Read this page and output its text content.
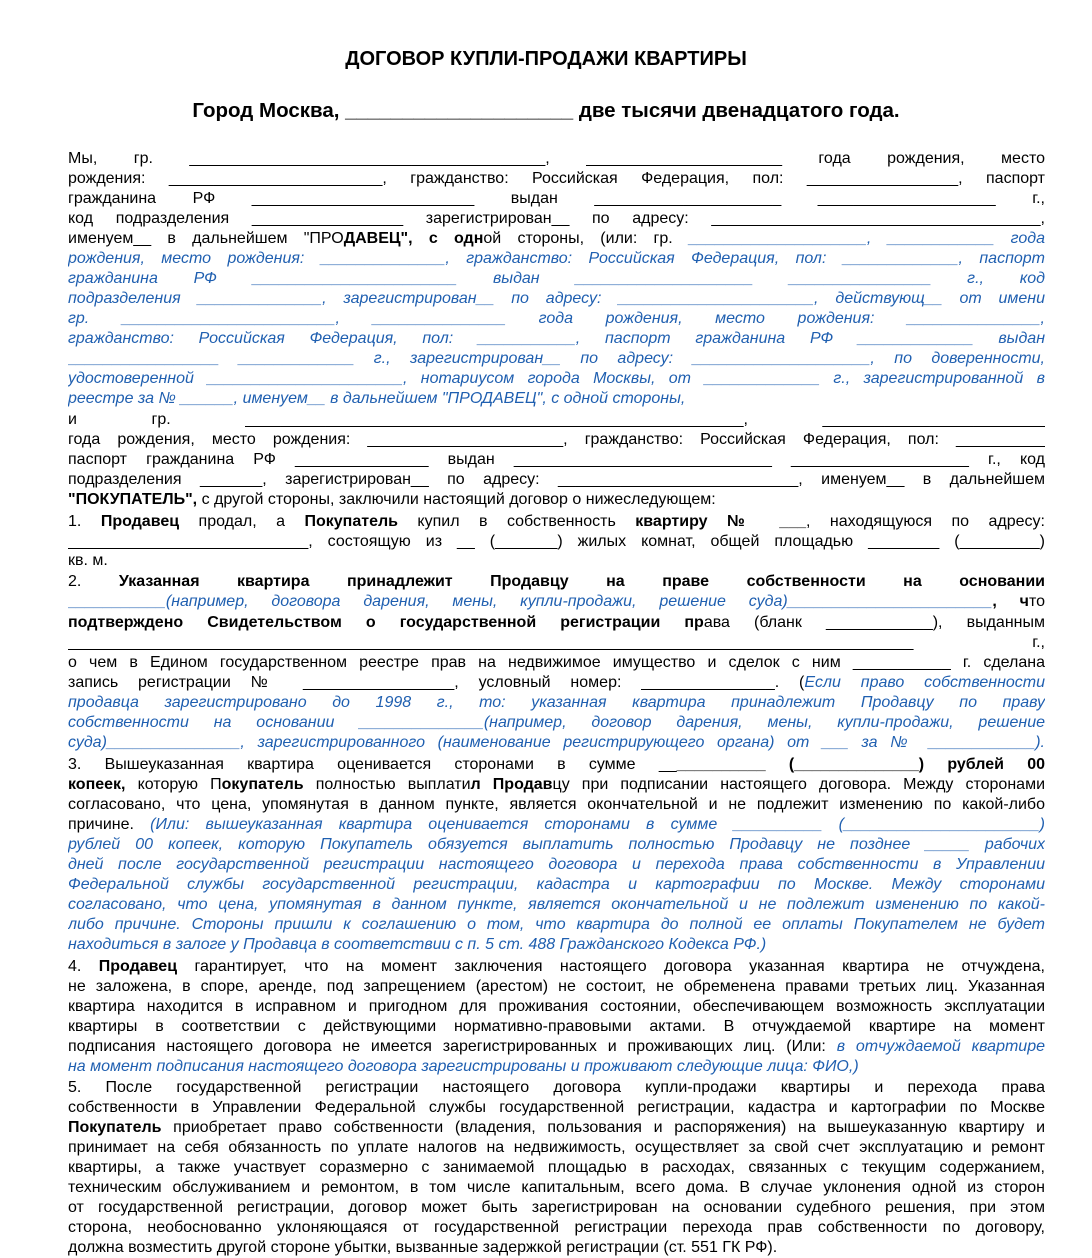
ДОГОВОР КУПЛИ-ПРОДАЖИ КВАРТИРЫ
Город Москва, ____________________ две тысячи двенадцатого года.
Мы, гр. ________________________________________, ______________________ года рождения, место
рождения: ________________________, гражданство: Российская Федерация, пол: _________________, паспорт
гражданина РФ _________________________ выдан _____________________ ____________________ г.,
код подразделения _________________ зарегистрирован__ по адресу: _____________________________________,
именуем__ в дальнейшем "ПРОДАВЕЦ", с одной стороны, (или: гр. ____________________, ____________ года
рождения, место рождения: ______________, гражданство: Российская Федерация, пол: _____________, паспорт
гражданина РФ _______________________ выдан ____________________ ________________ г., код
подразделения ______________, зарегистрирован__ по адресу: ______________________, действующ__ от имени
гр. ________________________, _______________ года рождения, место рождения: _______________,
гражданство: Российская Федерация, пол: ___________, паспорт гражданина РФ _____________ выдан
_________________ _____________ г., зарегистрирован__ по адресу: ____________________, по доверенности,
удостоверенной ______________________, нотариусом города Москвы, от _____________ г., зарегистрированной в
реестре за № ______, именуем__ в дальнейшем "ПРОДАВЕЦ", с одной стороны,
и гр. ________________________________________________________, _________________________
года рождения, место рождения: ______________________, гражданство: Российская Федерация, пол: __________
паспорт гражданина РФ _______________ выдан _____________________________ ____________________ г., код
подразделения _______, зарегистрирован__ по адресу: ___________________________, именуем__ в дальнейшем
"ПОКУПАТЕЛЬ", с другой стороны, заключили настоящий договор о нижеследующем:
1. Продавец продал, а Покупатель купил в собственность квартиру № ___, находящуюся по адресу:
___________________________, состоящую из __ (_______) жилых комнат, общей площадью ________ (_________)
кв. м.
2. Указанная квартира принадлежит Продавцу на праве собственности на основании
___________(например, договора дарения, мены, купли-продажи, решение суда)_______________________, что
подтверждено Свидетельством о государственной регистрации права (бланк ____________), выданным
_______________________________________________________________________________________________ г.,
о чем в Едином государственном реестре прав на недвижимое имущество и сделок с ним ___________ г. сделана
запись регистрации № _________________, условный номер: _______________. (Если право собственности
продавца зарегистрировано до 1998 г., то: указанная квартира принадлежит Продавцу по праву
собственности на основании ______________(например, договор дарения, мены, купли-продажи, решение
суда)_______________, зарегистрированного (наименование регистрирующего органа) от ___ за № ____________).
3. Вышеуказанная квартира оценивается сторонами в сумме ____________ (______________) рублей 00
копеек, которую Покупатель полностью выплатил Продавцу при подписании настоящего договора. Между сторонами
согласовано, что цена, упомянутая в данном пункте, является окончательной и не подлежит изменению по какой-либо
причине. (Или: вышеуказанная квартира оценивается сторонами в сумме __________ (______________________)
рублей 00 копеек, которую Покупатель обязуется выплатить полностью Продавцу не позднее _____ рабочих
дней после государственной регистрации настоящего договора и перехода права собственности в Управлении
Федеральной службы государственной регистрации, кадастра и картографии по Москве. Между сторонами
согласовано, что цена, упомянутая в данном пункте, является окончательной и не подлежит изменению по какой-
либо причине. Стороны пришли к соглашению о том, что квартира до полной ее оплаты Покупателем не будет
находиться в залоге у Продавца в соответствии с п. 5 ст. 488 Гражданского Кодекса РФ.)
4. Продавец гарантирует, что на момент заключения настоящего договора указанная квартира не отчуждена,
не заложена, в споре, аренде, под запрещением (арестом) не состоит, не обременена правами третьих лиц. Указанная
квартира находится в исправном и пригодном для проживания состоянии, обеспечивающем возможность эксплуатации
квартиры в соответствии с действующими нормативно-правовыми актами. В отчуждаемой квартире на момент
подписания настоящего договора не имеется зарегистрированных и проживающих лиц. (Или: в отчуждаемой квартире
на момент подписания настоящего договора зарегистрированы и проживают следующие лица: ФИО,)
5. После государственной регистрации настоящего договора купли-продажи квартиры и перехода права
собственности в Управлении Федеральной службы государственной регистрации, кадастра и картографии по Москве
Покупатель приобретает право собственности (владения, пользования и распоряжения) на вышеуказанную квартиру и
принимает на себя обязанность по уплате налогов на недвижимость, осуществляет за свой счет эксплуатацию и ремонт
квартиры, а также участвует соразмерно с занимаемой площадью в расходах, связанных с текущим содержанием,
техническим обслуживанием и ремонтом, в том числе капитальным, всего дома. В случае уклонения одной из сторон
от государственной регистрации, договор может быть зарегистрирован на основании судебного решения, при этом
сторона, необоснованно уклоняющаяся от государственной регистрации перехода прав собственности по договору,
должна возместить другой стороне убытки, вызванные задержкой регистрации (ст. 551 ГК РФ).
